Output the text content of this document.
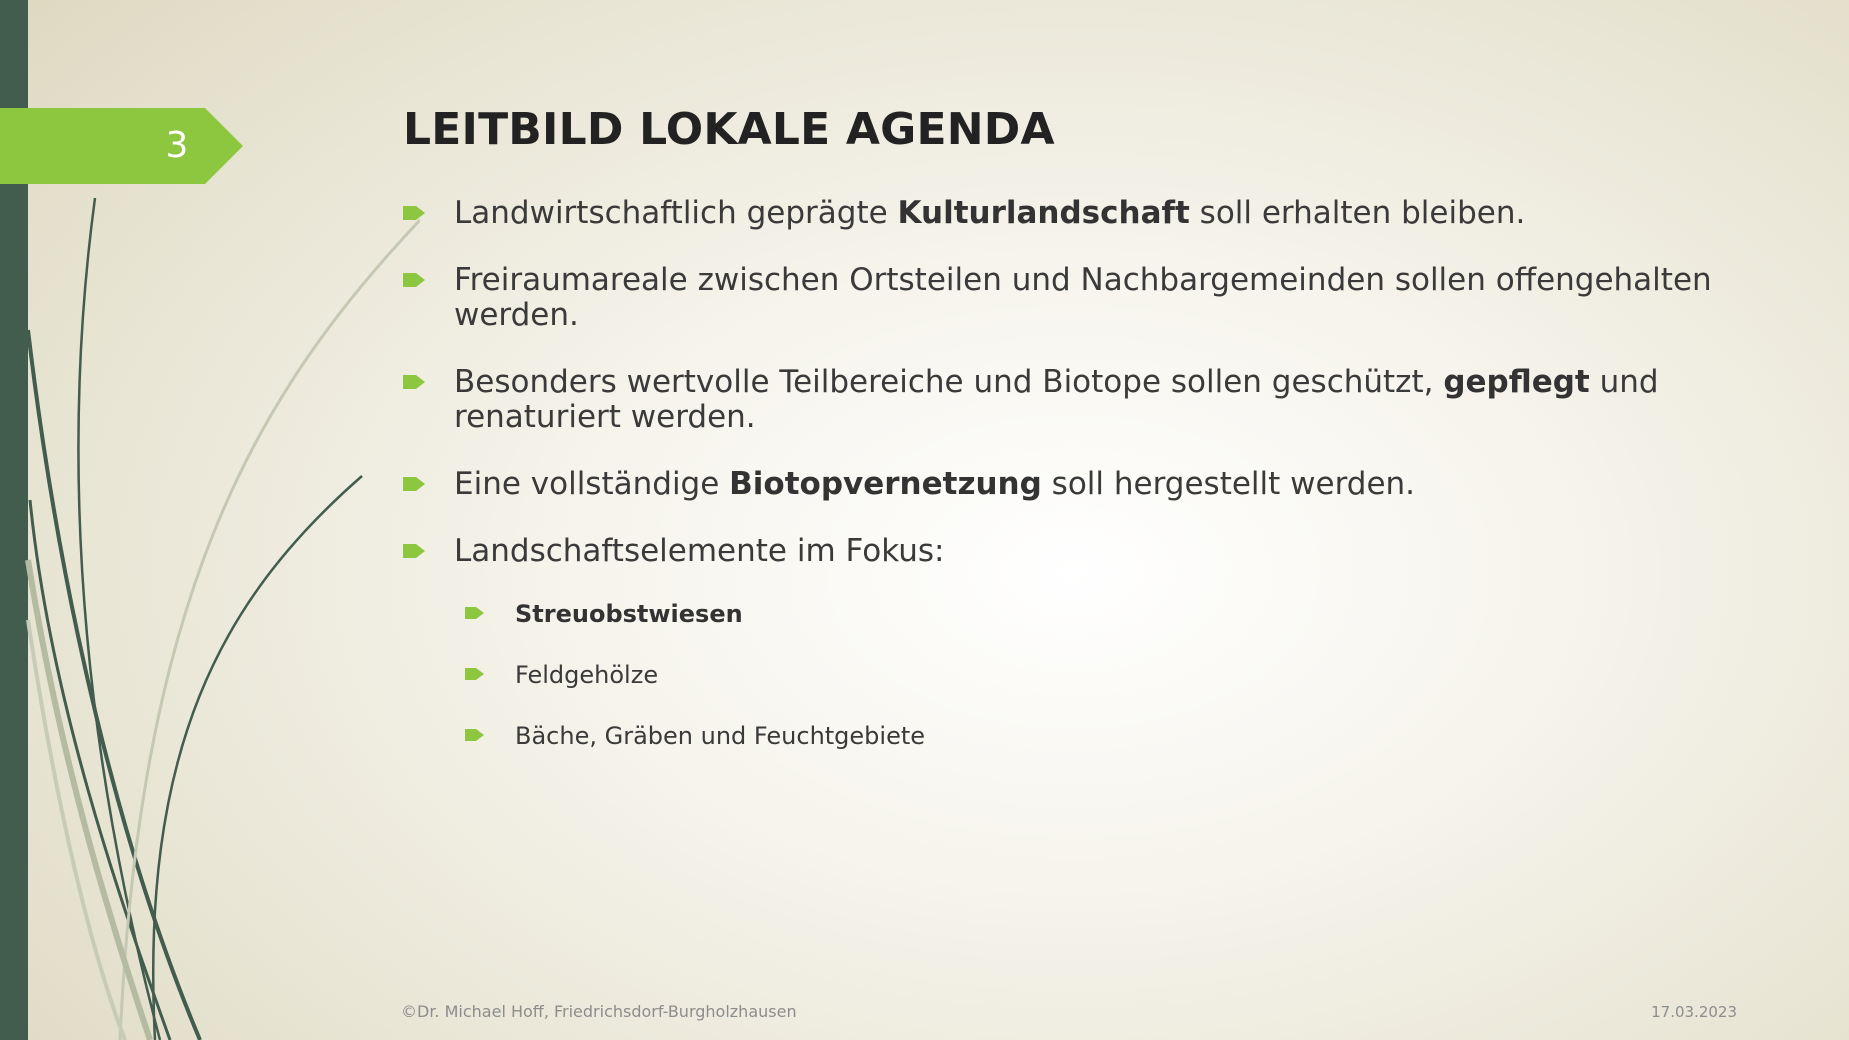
3	LEITBILD LOKALE AGENDA
Landwirtschaftlich geprägte Kulturlandschaft soll erhalten bleiben.
Freiraumareale zwischen Ortsteilen und Nachbargemeinden sollen offengehalten werden.
Besonders wertvolle Teilbereiche und Biotope sollen geschützt, gepflegt und renaturiert werden.
Eine vollständige Biotopvernetzung soll hergestellt werden.
Landschaftselemente im Fokus:
Streuobstwiesen
Feldgehölze
Bäche, Gräben und Feuchtgebiete
©Dr. Michael Hoff, Friedrichsdorf-Burgholzhausen	17.03.2023
